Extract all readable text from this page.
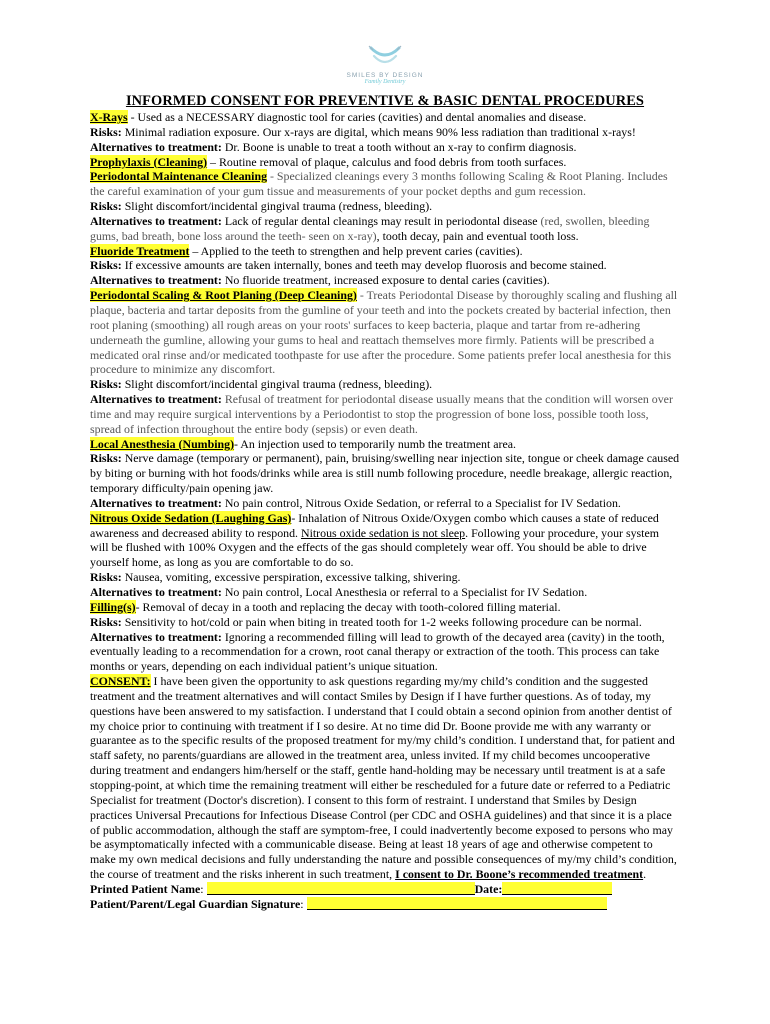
SMILES BY DESIGN
Family Dentistry
INFORMED CONSENT FOR PREVENTIVE & BASIC DENTAL PROCEDURES

X-Rays - Used as a NECESSARY diagnostic tool for caries (cavities) and dental anomalies and disease.

Risks: Minimal radiation exposure. Our x-rays are digital, which means 90% less radiation than traditional x-rays!

Alternatives to treatment: Dr. Boone is unable to treat a tooth without an x-ray to confirm diagnosis.

Prophylaxis (Cleaning) – Routine removal of plaque, calculus and food debris from tooth surfaces.

Periodontal Maintenance Cleaning - Specialized cleanings every 3 months following Scaling & Root Planing. Includes the careful examination of your gum tissue and measurements of your pocket depths and gum recession.

Risks: Slight discomfort/incidental gingival trauma (redness, bleeding).

Alternatives to treatment: Lack of regular dental cleanings may result in periodontal disease (red, swollen, bleeding gums, bad breath, bone loss around the teeth- seen on x-ray), tooth decay, pain and eventual tooth loss.

Fluoride Treatment – Applied to the teeth to strengthen and help prevent caries (cavities).

Risks: If excessive amounts are taken internally, bones and teeth may develop fluorosis and become stained.

Alternatives to treatment: No fluoride treatment, increased exposure to dental caries (cavities).

Periodontal Scaling & Root Planing (Deep Cleaning) - Treats Periodontal Disease by thoroughly scaling and flushing all plaque, bacteria and tartar deposits from the gumline of your teeth and into the pockets created by bacterial infection, then root planing (smoothing) all rough areas on your roots' surfaces to keep bacteria, plaque and tartar from re-adhering underneath the gumline, allowing your gums to heal and reattach themselves more firmly. Patients will be prescribed a medicated oral rinse and/or medicated toothpaste for use after the procedure. Some patients prefer local anesthesia for this procedure to minimize any discomfort.

Risks: Slight discomfort/incidental gingival trauma (redness, bleeding).

Alternatives to treatment: Refusal of treatment for periodontal disease usually means that the condition will worsen over time and may require surgical interventions by a Periodontist to stop the progression of bone loss, possible tooth loss, spread of infection throughout the entire body (sepsis) or even death.

Local Anesthesia (Numbing)- An injection used to temporarily numb the treatment area.

Risks: Nerve damage (temporary or permanent), pain, bruising/swelling near injection site, tongue or cheek damage caused by biting or burning with hot foods/drinks while area is still numb following procedure, needle breakage, allergic reaction, temporary difficulty/pain opening jaw.

Alternatives to treatment: No pain control, Nitrous Oxide Sedation, or referral to a Specialist for IV Sedation.

Nitrous Oxide Sedation (Laughing Gas)- Inhalation of Nitrous Oxide/Oxygen combo which causes a state of reduced awareness and decreased ability to respond. Nitrous oxide sedation is not sleep. Following your procedure, your system will be flushed with 100% Oxygen and the effects of the gas should completely wear off. You should be able to drive yourself home, as long as you are comfortable to do so.

Risks: Nausea, vomiting, excessive perspiration, excessive talking, shivering.

Alternatives to treatment: No pain control, Local Anesthesia or referral to a Specialist for IV Sedation.

Filling(s)- Removal of decay in a tooth and replacing the decay with tooth-colored filling material.

Risks: Sensitivity to hot/cold or pain when biting in treated tooth for 1-2 weeks following procedure can be normal.

Alternatives to treatment: Ignoring a recommended filling will lead to growth of the decayed area (cavity) in the tooth, eventually leading to a recommendation for a crown, root canal therapy or extraction of the tooth. This process can take months or years, depending on each individual patient’s unique situation.

CONSENT: I have been given the opportunity to ask questions regarding my/my child’s condition and the suggested treatment and the treatment alternatives and will contact Smiles by Design if I have further questions. As of today, my questions have been answered to my satisfaction. I understand that I could obtain a second opinion from another dentist of my choice prior to continuing with treatment if I so desire. At no time did Dr. Boone provide me with any warranty or guarantee as to the specific results of the proposed treatment for my/my child’s condition. I understand that, for patient and staff safety, no parents/guardians are allowed in the treatment area, unless invited. If my child becomes uncooperative during treatment and endangers him/herself or the staff, gentle hand-holding may be necessary until treatment is at a safe stopping-point, at which time the remaining treatment will either be rescheduled for a future date or referred to a Pediatric Specialist for treatment (Doctor's discretion). I consent to this form of restraint. I understand that Smiles by Design practices Universal Precautions for Infectious Disease Control (per CDC and OSHA guidelines) and that since it is a place of public accommodation, although the staff are symptom-free, I could inadvertently become exposed to persons who may be asymptomatically infected with a communicable disease. Being at least 18 years of age and otherwise competent to make my own medical decisions and fully understanding the nature and possible consequences of my/my child’s condition, the course of treatment and the risks inherent in such treatment, I consent to Dr. Boone’s recommended treatment.

Printed Patient Name:	Date:

Patient/Parent/Legal Guardian Signature:
